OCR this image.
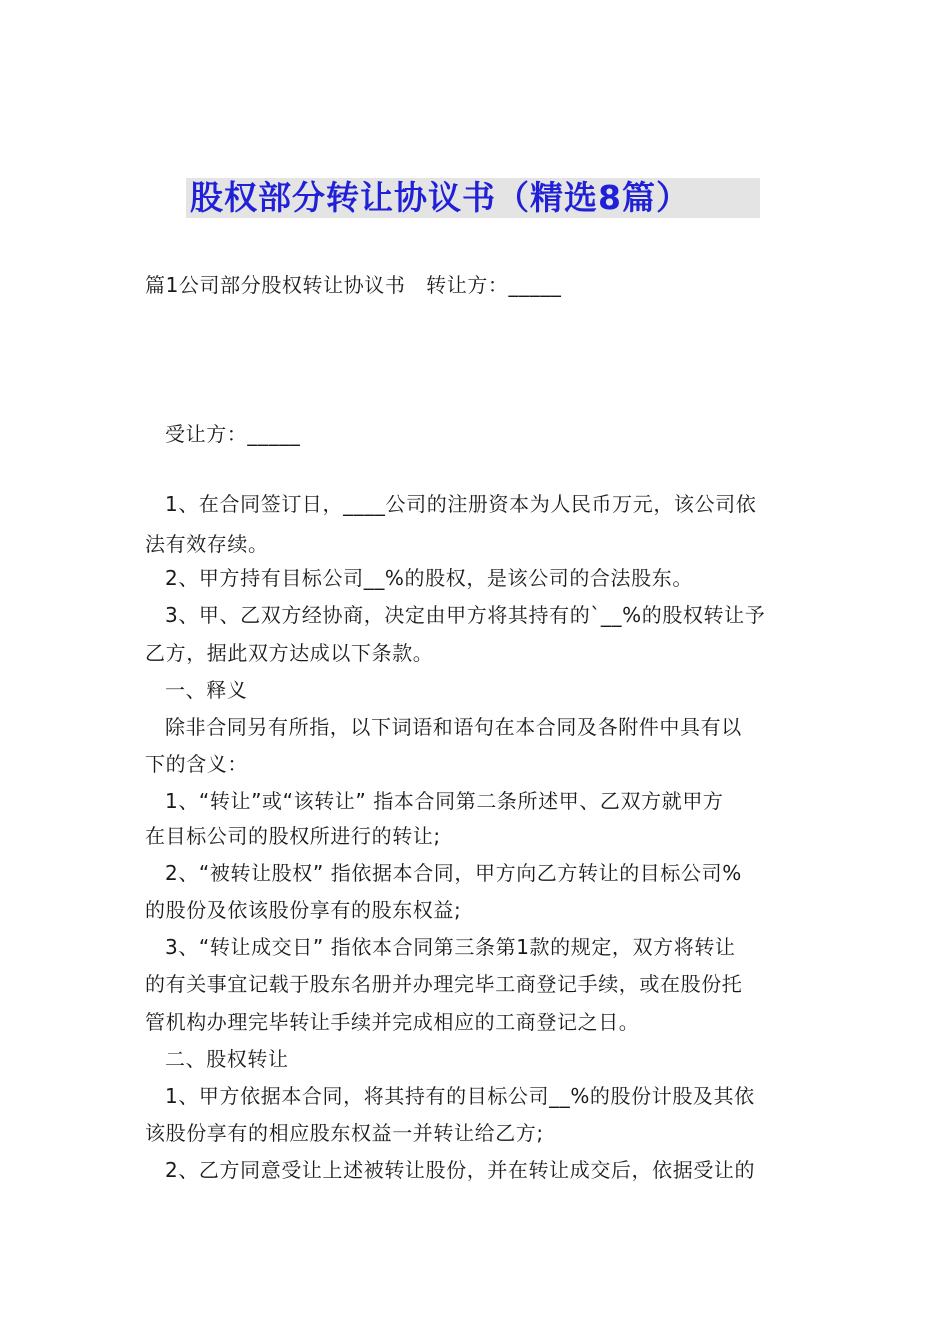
股权部分转让协议书（精选8篇）
篇1公司部分股权转让协议书　转让方：_____
受让方：_____
1、在合同签订日，____公司的注册资本为人民币万元，该公司依
法有效存续。
2、甲方持有目标公司__%的股权，是该公司的合法股东。
3、甲、乙双方经协商，决定由甲方将其持有的`__%的股权转让予
乙方，据此双方达成以下条款。
一、释义
除非合同另有所指，以下词语和语句在本合同及各附件中具有以
下的含义：
1、“转让”或“该转让” 指本合同第二条所述甲、乙双方就甲方
在目标公司的股权所进行的转让;
2、“被转让股权” 指依据本合同，甲方向乙方转让的目标公司%
的股份及依该股份享有的股东权益;
3、“转让成交日” 指依本合同第三条第1款的规定，双方将转让
的有关事宜记载于股东名册并办理完毕工商登记手续，或在股份托
管机构办理完毕转让手续并完成相应的工商登记之日。
二、股权转让
1、甲方依据本合同，将其持有的目标公司__%的股份计股及其依
该股份享有的相应股东权益一并转让给乙方;
2、乙方同意受让上述被转让股份，并在转让成交后，依据受让的
